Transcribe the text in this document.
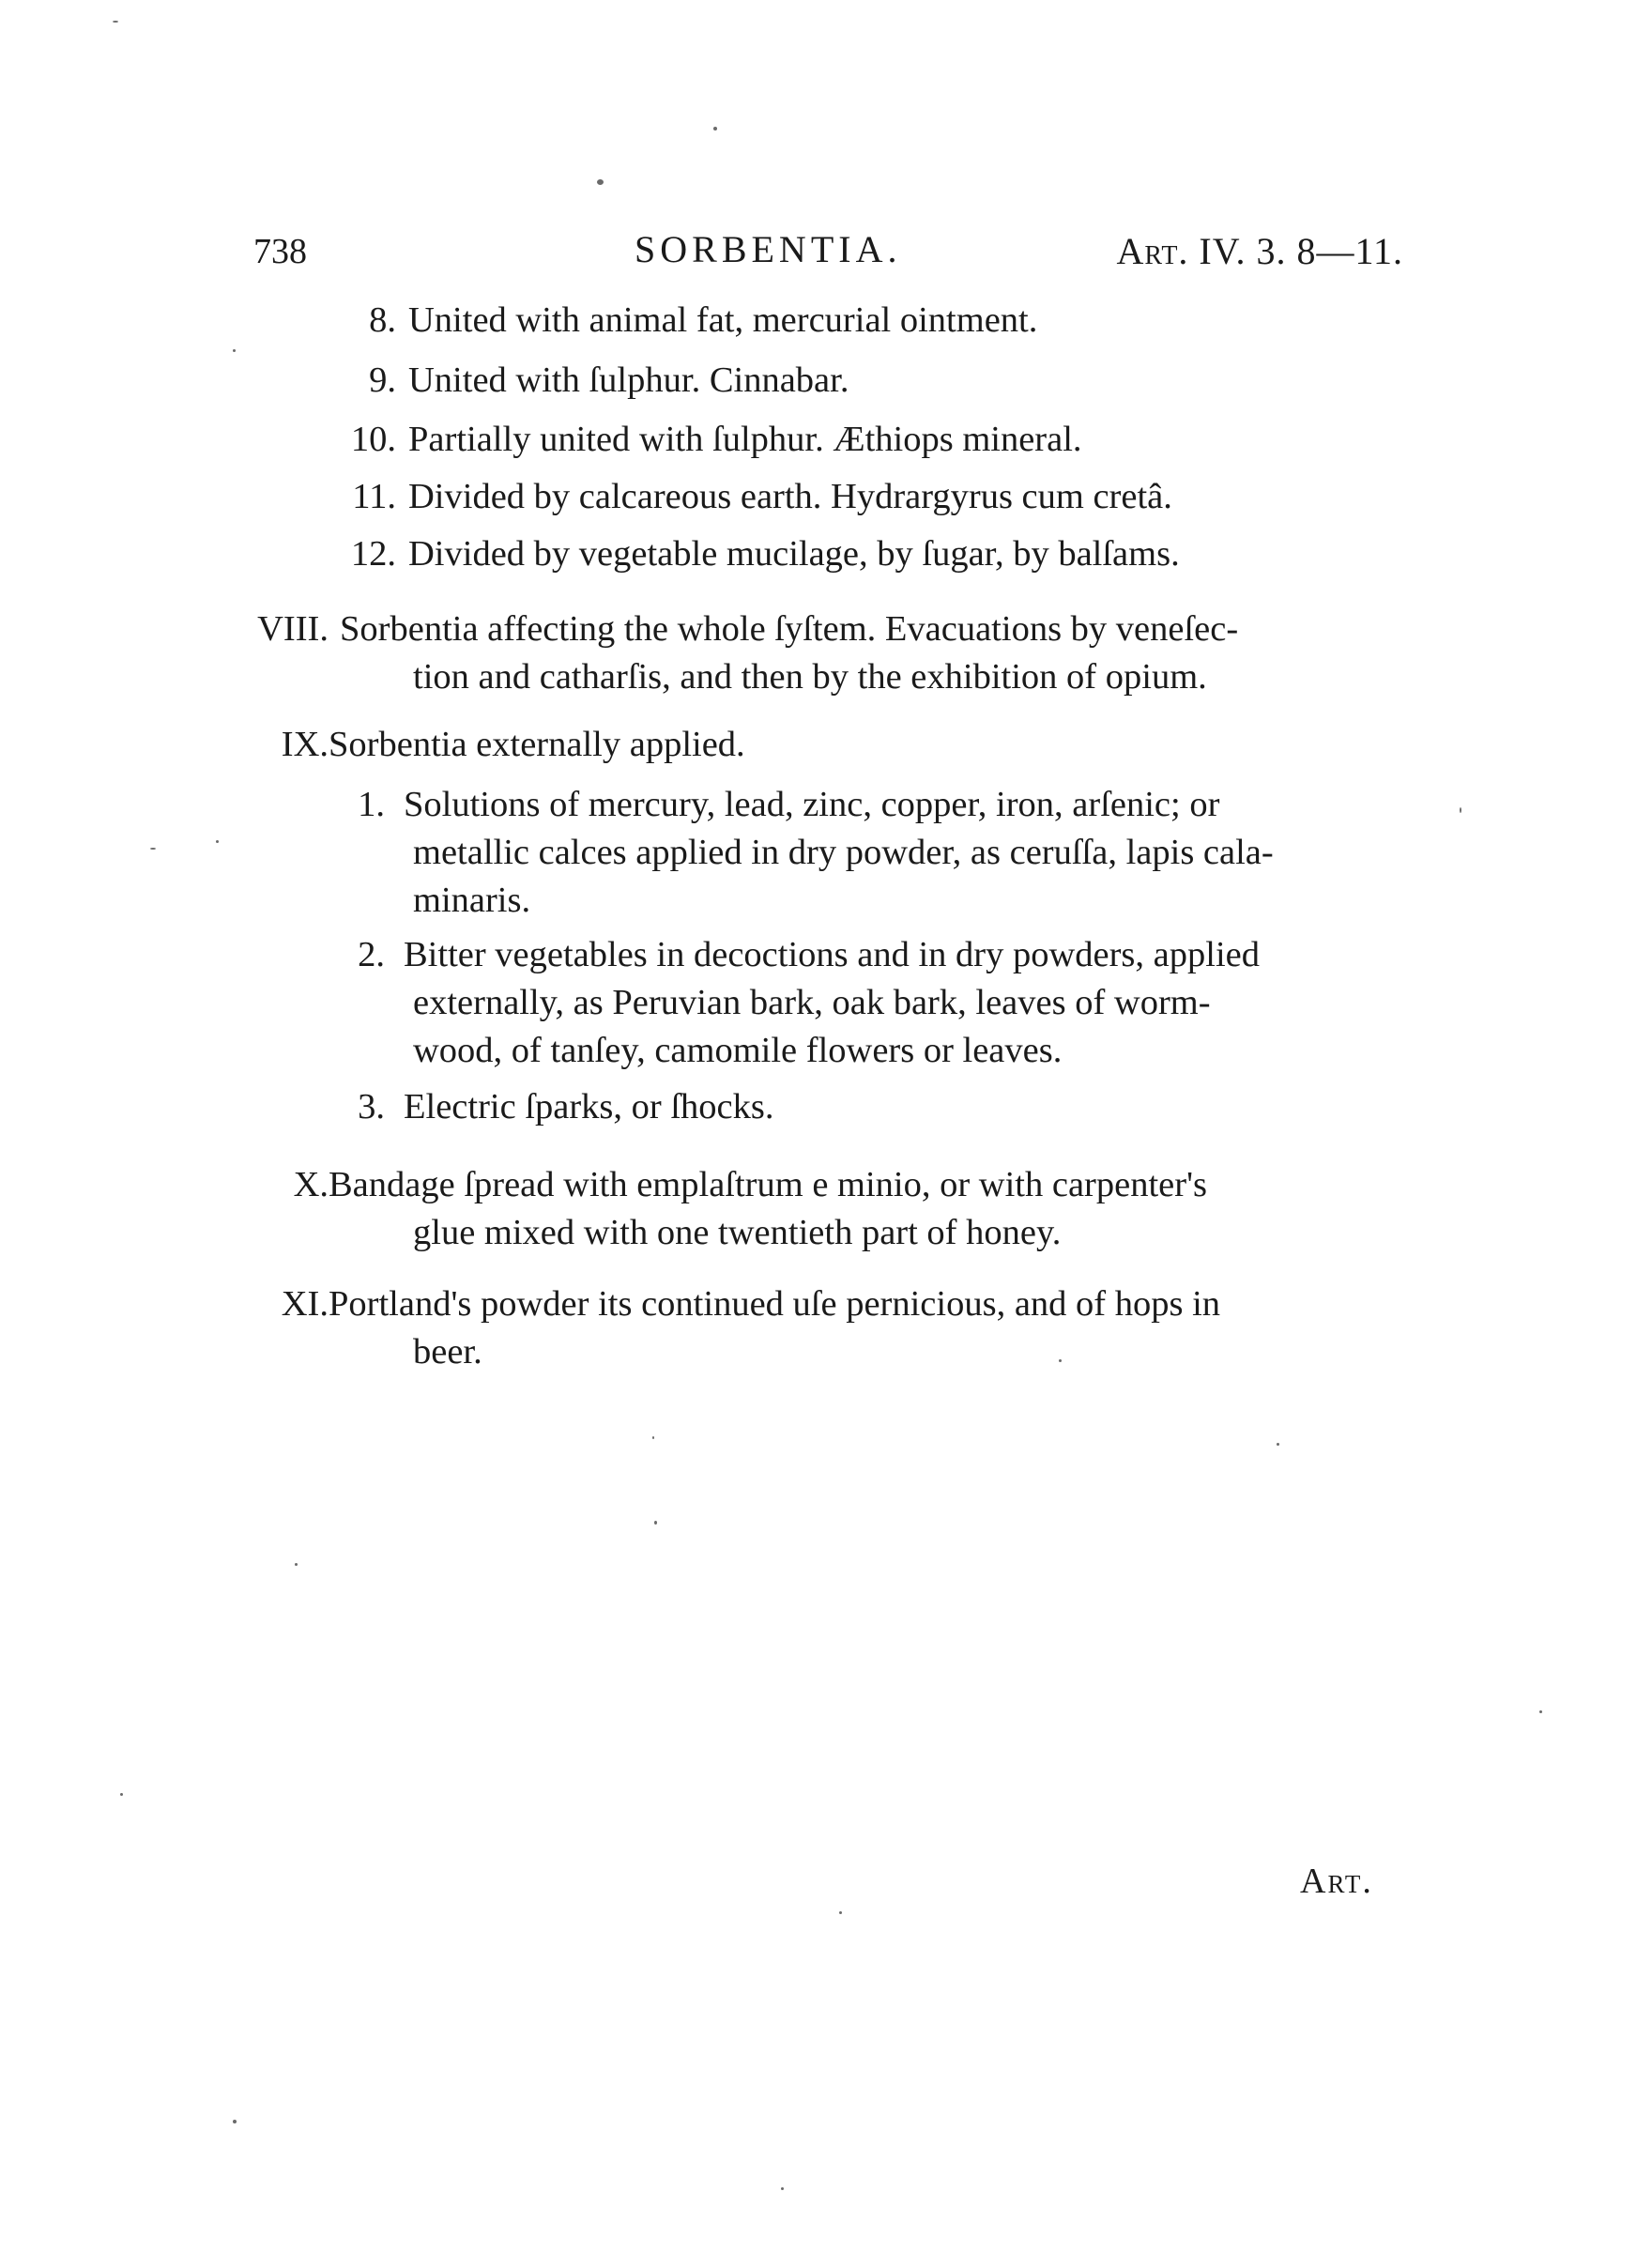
738	SORBENTIA.	Art. IV. 3. 8—11.
8. United with animal fat, mercurial ointment.
9. United with ſulphur. Cinnabar.
10. Partially united with ſulphur. Æthiops mineral.
11. Divided by calcareous earth. Hydrargyrus cum cretâ.
12. Divided by vegetable mucilage, by ſugar, by balſams.
VIII. Sorbentia affecting the whole ſyſtem. Evacuations by veneſec-
tion and catharſis, and then by the exhibition of opium.
IX. Sorbentia externally applied.
1. Solutions of mercury, lead, zinc, copper, iron, arſenic; or
metallic calces applied in dry powder, as ceruſſa, lapis cala-
minaris.
2. Bitter vegetables in decoctions and in dry powders, applied
externally, as Peruvian bark, oak bark, leaves of worm-
wood, of tanſey, camomile flowers or leaves.
3. Electric ſparks, or ſhocks.
X. Bandage ſpread with emplaſtrum e minio, or with carpenter's
glue mixed with one twentieth part of honey.
XI. Portland's powder its continued uſe pernicious, and of hops in
beer.
Art.
